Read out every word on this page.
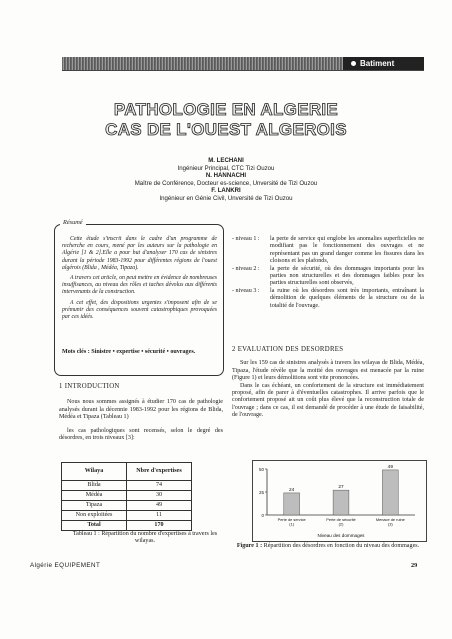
Batiment
PATHOLOGIE EN ALGERIE
CAS DE L'OUEST ALGEROIS
M. LECHANI
Ingénieur Principal, CTC Tizi Ouzou
N. HANNACHI
Maître de Conférence, Docteur es-science, Unversité de Tizi Ouzou
F. LANKRI
Ingénieur en Génie Civil, Unversité de Tizi Ouzou
Résumé

Cette étude s'inscrit dans le cadre d'un programme de recherche en cours, mené par les auteurs sur la pathologie en Algérie [1 & 2].Elle a pour but d'analyser 170 cas de sinistres durant la période 1983-1992 pour différentes régions de l'ouest algérois (Blida , Médéa, Tipaza).

A travers cet article, on peut mettre en évidence de nombreuses insuffisances, au niveau des rôles et taches dévolus aux différents intervenants de la construction.

A cet effet, des dispositions urgentes s'imposent afin de se prémunir des conséquences souvent catastrophiques provoquées par ces idéés.

Mots clés : Sinistre • expertise • sécurité • ouvrages.
1 INTRODUCTION

Nous nous sommes assignés à étudier 170 cas de pathologie analysés durant la décennie 1983-1992 pour les régions de Blida, Médéa et Tipaza (Tableau 1)

les cas pathologiques sont recensés, selon le degré des désordres, en trois niveaux [3]:

Wilaya	Nbre d'expertises
Blida	74
Médéa	30
Tipaza	49
Non exploitées	11
Total	170
Tableau 1 : Répartition du nombre d'expertises à travers les wilayas.
- niveau 1 :	la perte de service qui englobe les anomalies superficielles ne modifiant pas le fonctionnement des ouvrages et ne représentant pas un grand danger comme les fissures dans les cloisons et les plafonds,
- niveau 2 :	la perte de sécurité, où des dommages importants pour les parties non structurelles et des dommages faibles pour les parties structurelles sont observés,
- niveau 3 :	la ruine où les désordres sont très importants, entraînant la démolition de quelques éléments de la structure ou de la totalité de l'ouvrage.
2 EVALUATION DES DESORDRES

Sur les 159 cas de sinistres analysés à travers les wilayas de Blida, Médéa, Tipaza, l'étude révèle que la moitié des ouvrages est menacée par la ruine (Figure 1) et leurs démolitions sont vite prononcées.

Dans le cas échéant, un confortement de la structure est immédiatement proposé, afin de parer à d'éventuelles catastrophes. Il arrive parfois que le confortement proposé ait un coût plus élevé que la reconstruction totale de l'ouvrage ; dans ce cas, il est demandé de procéder à une étude de faisabilité, de l'ouvrage.

0
25
50
24
Perte de service (1)
27
Perte de sécurité (2)
49
Menace de ruine (3)
Niveau des dommages
Figure 1 : Répartition des désordres en fonction du niveau des dommages.
Algérie EQUIPEMENT	29
